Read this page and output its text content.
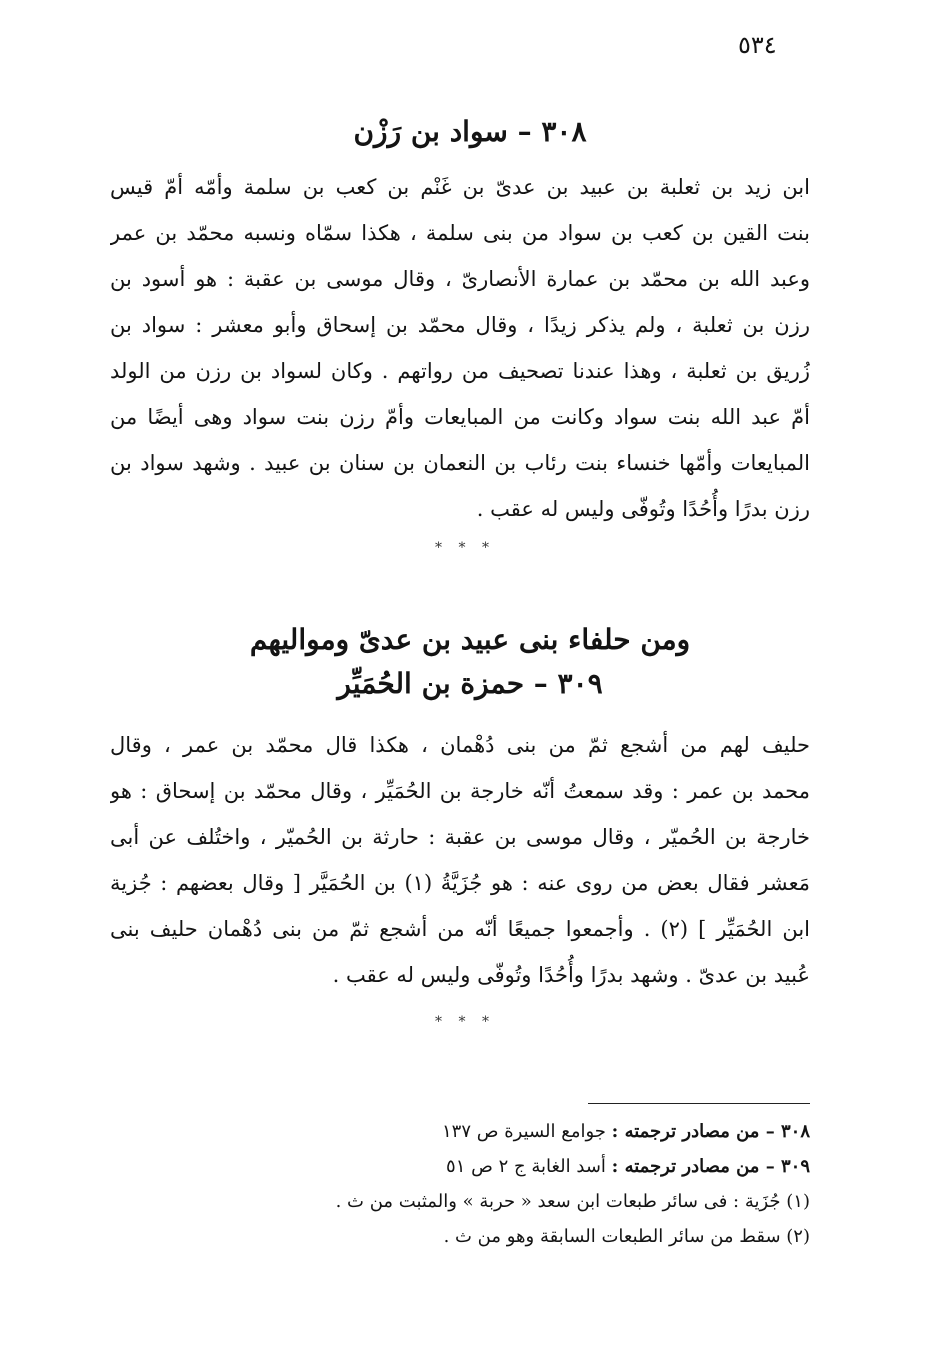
٥٣٤
٣٠٨ – سواد بن رَزْن
ابن زيد بن ثعلبة بن عبيد بن عدىّ بن غَنْم بن كعب بن سلمة وأمّه أمّ قيس
بنت القين بن كعب بن سواد من بنى سلمة ، هكذا سمّاه ونسبه محمّد بن عمر
وعبد الله بن محمّد بن عمارة الأنصارىّ ، وقال موسى بن عقبة : هو أسود بن
رزن بن ثعلبة ، ولم يذكر زيدًا ، وقال محمّد بن إسحاق وأبو معشر : سواد بن
زُريق بن ثعلبة ، وهذا عندنا تصحيف من رواتهم . وكان لسواد بن رزن من الولد
أمّ عبد الله بنت سواد وكانت من المبايعات وأمّ رزن بنت سواد وهى أيضًا من
المبايعات وأمّها خنساء بنت رئاب بن النعمان بن سنان بن عبيد . وشهد سواد بن
رزن بدرًا وأُحُدًا وتُوفّى وليس له عقب .
* * *
ومن حلفاء بنى عبيد بن عدىّ ومواليهم
٣٠٩ – حمزة بن الحُمَيِّر
حليف لهم من أشجع ثمّ من بنى دُهْمان ، هكذا قال محمّد بن عمر ، وقال
محمد بن عمر : وقد سمعتُ أنّه خارجة بن الحُمَيِّر ، وقال محمّد بن إسحاق : هو
خارجة بن الحُميّر ، وقال موسى بن عقبة : حارثة بن الحُميّر ، واختُلف عن أبى
مَعشر فقال بعض من روى عنه : هو جُزَيَّةُ (١) بن الحُمَيَّر [ وقال بعضهم : جُزية
ابن الحُمَيِّر ] (٢) . وأجمعوا جميعًا أنّه من أشجع ثمّ من بنى دُهْمان حليف بنى
عُبيد بن عدىّ . وشهد بدرًا وأُحُدًا وتُوفّى وليس له عقب .
* * *
٣٠٨ – من مصادر ترجمته : جوامع السيرة ص ١٣٧
٣٠٩ – من مصادر ترجمته : أسد الغابة ج ٢ ص ٥١
(١) جُزَية : فى سائر طبعات ابن سعد « حربة » والمثبت من ث .
(٢) سقط من سائر الطبعات السابقة وهو من ث .
